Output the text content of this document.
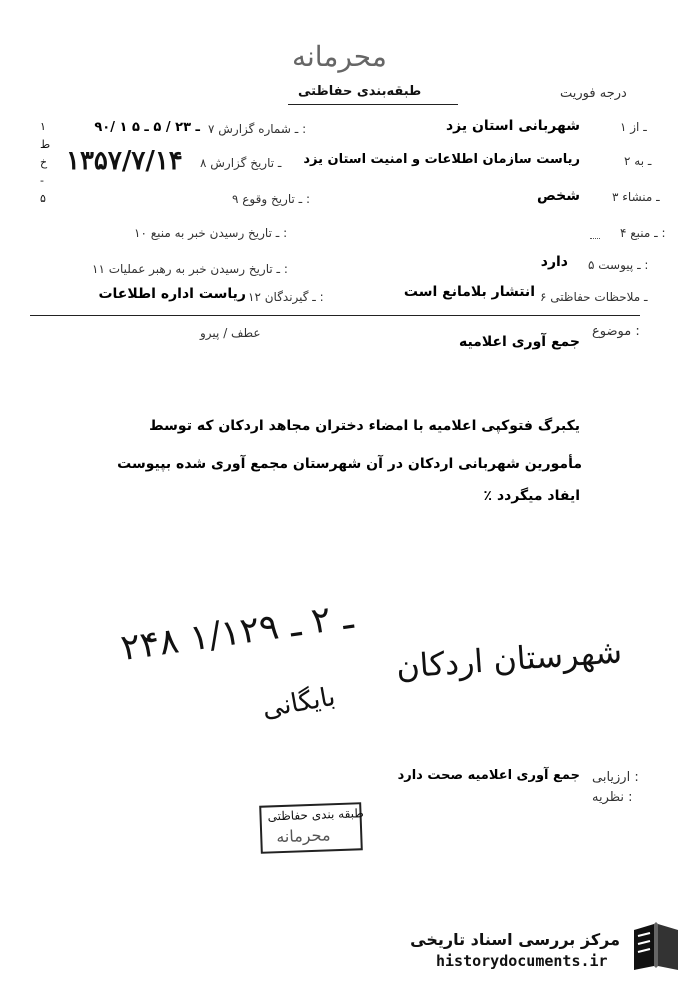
محرمانه
طبقه‌بندی حفاظتی	درجه فوریت
۱
ط
خ
-
۵
۱ ـ از
شهربانی استان یزد
۲ ـ به
ریاست سازمان اطلاعات و امنیت استان یزد
۳ ـ منشاء
شخص
۴ ـ منبع :
۵ ـ پیوست :
دارد
۶ ـ ملاحظات حفاظتی
انتشار بلامانع است
۷ ـ شماره گزارش :
۹۰/ ۱ ـ ۲۳ / ۵ ـ ۵
۸ ـ تاریخ گزارش
۱۳۵۷/۷/۱۴
۹ ـ تاریخ وقوع :
۱۰ ـ تاریخ رسیدن خبر به منبع :
۱۱ ـ تاریخ رسیدن خبر به رهبر عملیات :
۱۲ ـ گیرندگان :
ریاست اداره اطلاعات
عطف / پیرو	موضوع :
جمع آوری اعلامیه
یکبرگ فتوکپی اعلامیه با امضاء دختران مجاهد اردکان که توسط
مأمورین شهربانی اردکان در آن شهرستان مجمع آوری شده بپیوست
ایفاد میگردد ٪
۲۴۸ ـ ۲ ـ ۱/۱۲۹
شهرستان اردکان
بایگانی
ارزیابی :
جمع آوری اعلامیه صحت دارد
نظریه :
طبقه بندی حفاظتی
محرمانه
مرکز بررسی اسناد تاریخی
historydocuments.ir
